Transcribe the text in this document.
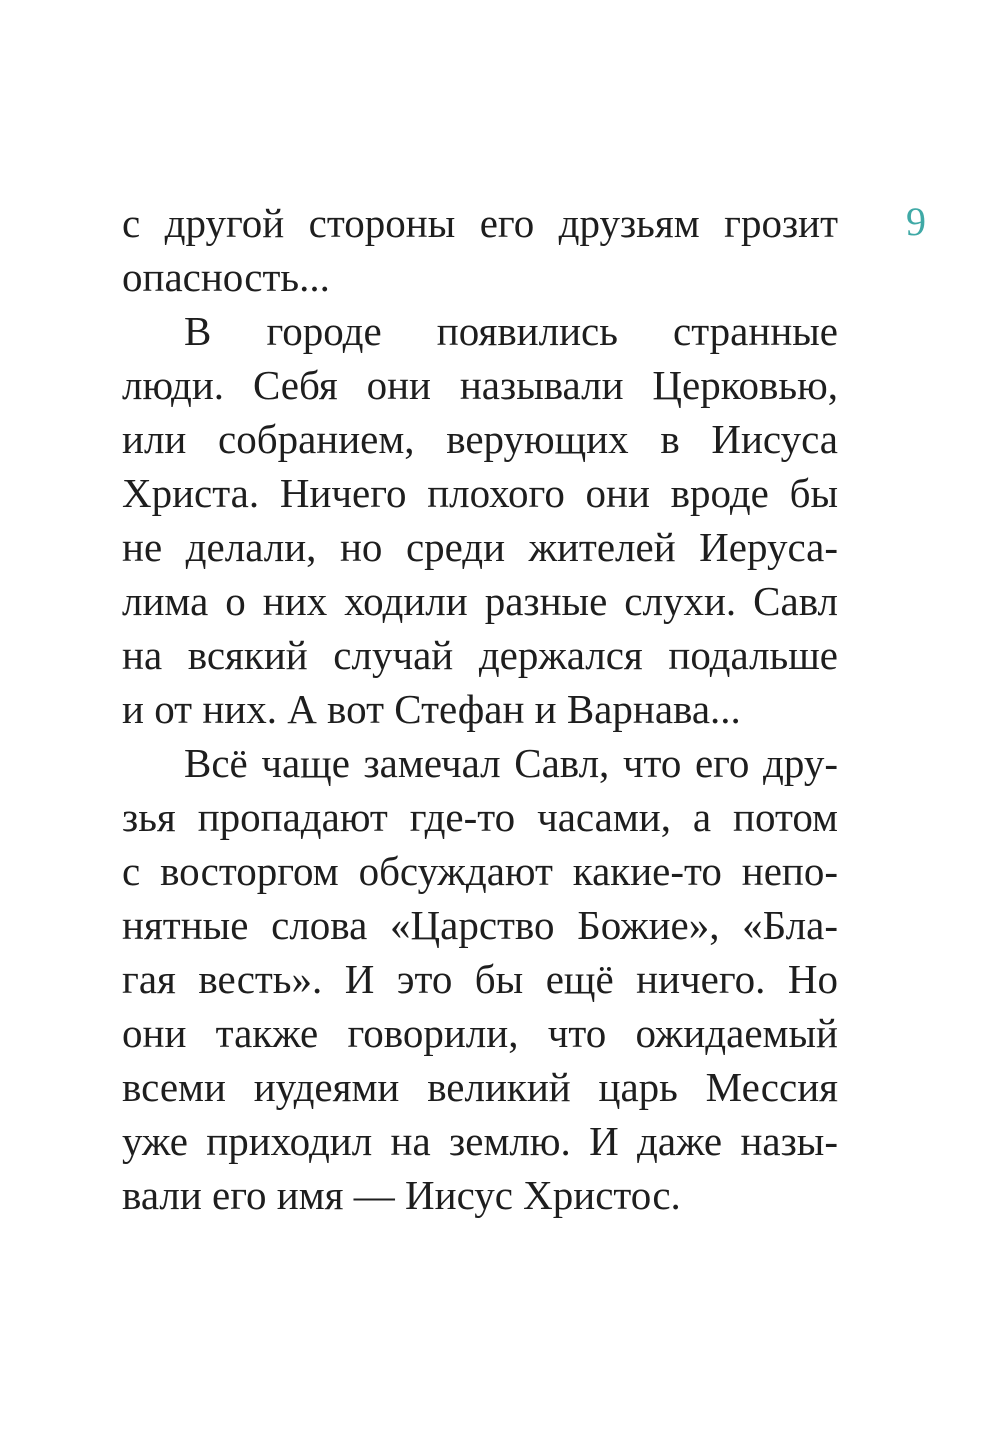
9
с другой стороны его друзьям грозит
опасность...
В городе появились странные
люди. Себя они называли Церковью,
или собранием, верующих в Иисуса
Христа. Ничего плохого они вроде бы
не делали, но среди жителей Иеруса-
лима о них ходили разные слухи. Савл
на всякий случай держался подальше
и от них. А вот Стефан и Варнава...
Всё чаще замечал Савл, что его дру-
зья пропадают где-то часами, а потом
с восторгом обсуждают какие-то непо-
нятные слова «Царство Божие», «Бла-
гая весть». И это бы ещё ничего. Но
они также говорили, что ожидаемый
всеми иудеями великий царь Мессия
уже приходил на землю. И даже назы-
вали его имя — Иисус Христос.
